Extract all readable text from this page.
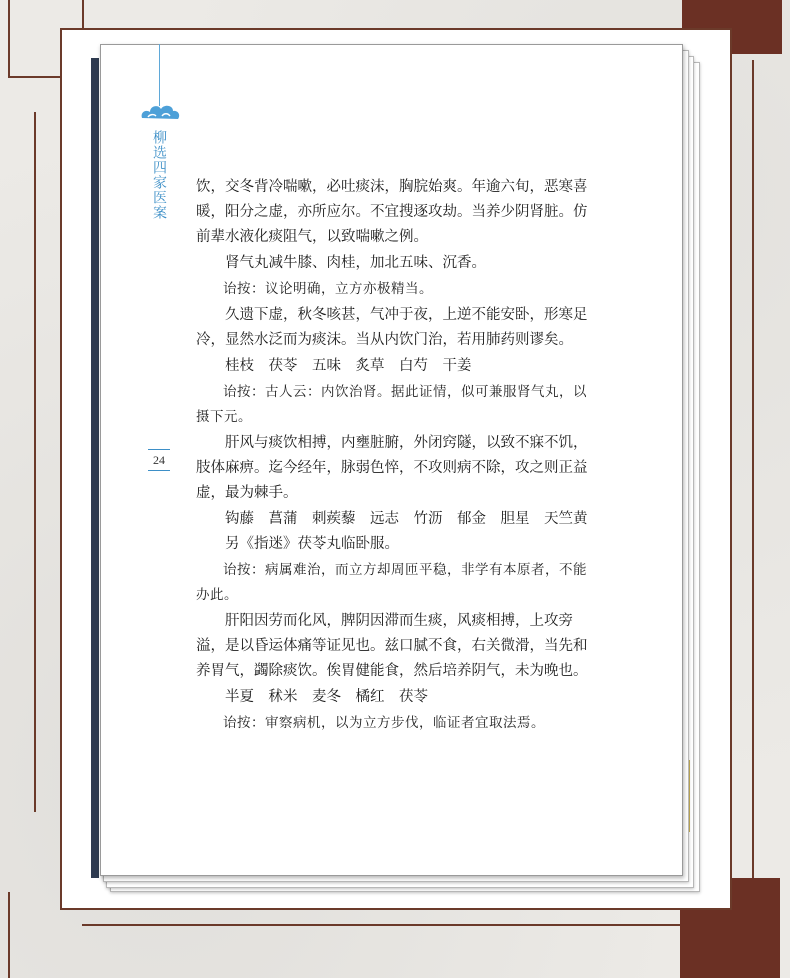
柳选四家医案
24

饮，交冬背冷喘嗽，必吐痰沫，胸脘始爽。年逾六旬，恶寒喜暖，阳分之虚，亦所应尔。不宜搜逐攻劫。当养少阴肾脏。仿前辈水液化痰阻气，以致喘嗽之例。

肾气丸减牛膝、肉桂，加北五味、沉香。

诒按：议论明确，立方亦极精当。

久遗下虚，秋冬咳甚，气冲于夜，上逆不能安卧，形寒足冷，显然水泛而为痰沫。当从内饮门治，若用肺药则谬矣。

桂枝　茯苓　五味　炙草　白芍　干姜

诒按：古人云：内饮治肾。据此证情，似可兼服肾气丸，以摄下元。

肝风与痰饮相搏，内壅脏腑，外闭窍隧，以致不寐不饥，肢体麻痹。迄今经年，脉弱色悴，不攻则病不除，攻之则正益虚，最为棘手。

钩藤　菖蒲　刺蒺藜　远志　竹沥　郁金　胆星　天竺黄

另《指迷》茯苓丸临卧服。

诒按：病属难治，而立方却周匝平稳，非学有本原者，不能办此。

肝阳因劳而化风，脾阴因滞而生痰，风痰相搏，上攻旁溢，是以昏运体痛等证见也。兹口腻不食，右关微滑，当先和养胃气，蠲除痰饮。俟胃健能食，然后培养阴气，未为晚也。

半夏　秫米　麦冬　橘红　茯苓

诒按：审察病机，以为立方步伐，临证者宜取法焉。
